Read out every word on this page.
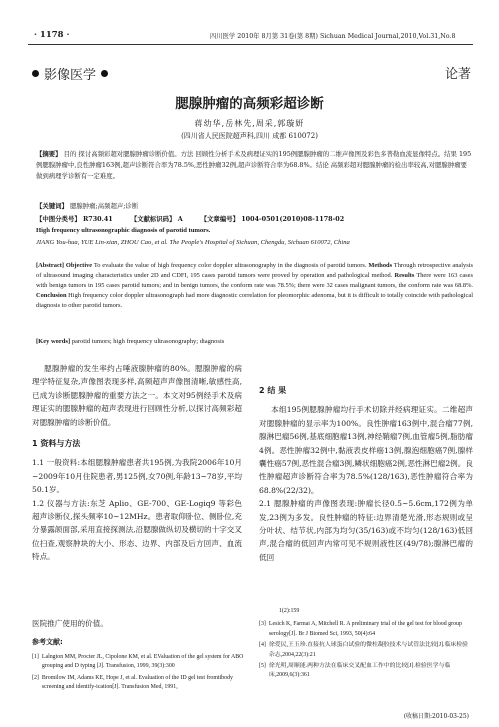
· 1178 ·	四川医学 2010年 8月第 31卷(第 8期) Sichuan Medical Journal,2010,Vol.31,No.8
影像医学	论著
腮腺肿瘤的高频彩超诊断
蒋幼华,岳林先,周采,郭璇妍
(四川省人民医院超声科,四川 成都 610072)
【摘要】 目的 探讨高频彩超对腮腺肿瘤诊断价值。方法 回顾性分析手术及病理证实的195例腮腺肿瘤的二维声像图及彩色多普勒血流显像特点。结果 195例腮腺肿瘤中,良性肿瘤163例,超声诊断符合率为78.5%,恶性肿瘤32例,超声诊断符合率为68.8%。结论 高频彩超对腮腺肿瘤的检出率较高,对腮腺肿瘤要做到病理学诊断有一定难度。
【关键词】 腮腺肿瘤;高频超声;诊断
【中图分类号】 R730.41	【文献标识码】 A	【文章编号】 1004-0501(2010)08-1178-02
High frequency ultrasonographic diagnosis of parotid tumors.
JIANG You-hua, YUE Lin-xian, ZHOU Cao, et al. The People's Hospital of Sichuan, Chengdu, Sichuan 610072, China
[Abstract] Objective To evaluate the value of high frequency color doppler ultrasonography in the diagnosis of parotid tumors. Methods Through retrospective analysis of ultrasound imaging characteristics under 2D and CDFI, 195 cases parotid tumors were proved by operation and pathological method. Results There were 163 cases with benign tumors in 195 cases parotid tumors; and in benign tumors, the conform rate was 78.5%; there were 32 cases malignant tumors, the conform rate was 68.8%. Conclusion High frequency color doppler ultrasonograph had more diagnostic correlation for pleomorphic adenoma, but it is difficult to totally coincide with pathological diagnosis to other parotid tumors.
[Key words] parotid tumors; high frequency ultrasonography; diagnosis

腮腺肿瘤的发生率约占唾液腺肿瘤的80%。腮腺肿瘤的病理学特征复杂,声像图表现多样,高频超声声像图清晰,敏感性高,已成为诊断腮腺肿瘤的重要方法之一。本文对95例经手术及病理证实的腮腺肿瘤的超声表现进行回顾性分析,以探讨高频彩超对腮腺肿瘤的诊断价值。

1 资料与方法

1.1 一般资料:本组腮腺肿瘤患者共195例,为我院2006年10月~2009年10月住院患者,男125例,女70例,年龄13~78岁,平均50.1岁。

1.2 仪器与方法:东芝 Aplio、GE-700、GE-Logiq9 等彩色超声诊断仪,探头频率10~12MHz。患者取仰卧位、侧卧位,充分暴露颌面部,采用直接探测法,沿腮腺做纵切及横切的十字交叉位扫查,观察肿块的大小、形态、边界、内部及后方回声、血流特点。

医院推广使用的价值。
2 结 果

本组195例腮腺肿瘤均行手术切除并经病理证实。二维超声对腮腺肿瘤的显示率为100%。良性肿瘤163例中,混合瘤77例,腺淋巴瘤56例,基底细胞瘤13例,神经鞘瘤7例,血管瘤5例,脂肪瘤4例。恶性肿瘤32例中,黏液表皮样癌13例,腺泡细胞癌7例,腺样囊性癌57例,恶性混合瘤3例,鳞状细胞癌2例,恶性淋巴瘤2例。良性肿瘤超声诊断符合率为78.5%(128/163),恶性肿瘤符合率为68.8%(22/32)。

2.1 腮腺肿瘤的声像图表现:肿瘤长径0.5~5.6cm,172例为单发,23例为多发。良性肿瘤的特征:边界清楚光滑,形态规则或呈分叶状、结节状,内部为均匀(35/163)或不均匀(128/163)低回声,混合瘤的低回声内常可见不规则液性区(49/78);腺淋巴瘤的低回

参考文献:
[1] Lalngton MM, Procter JL, Cipolone KM, et al. EValuation of the gel system for ABO grouping and D typing [J]. Transfusion, 1999, 39(3):300
[2] Bromilow IM, Adams KE, Hope J, et al. Evaluation of the ID gel test fromtibody screening and identify-ication[J]. Transfusion Med, 1991,
1(2):159
[3] Lesich K, Farmai A, Mitchell R. A preliminary trial of the gel test for blood group serology[J]. Br J Biomed Sci, 1993, 50(4):64
[4] 徐爱民,王玉珍.直接抗人球蛋白试验的微柱凝胶技术与试管法比较[J].临床检验杂志,2004,22(3):21
[5] 徐光明,周顺能.两种方法在临床交叉配血工作中的比较[J].检验医学与临床,2009,6(3):361
(收稿日期:2010-03-25)
